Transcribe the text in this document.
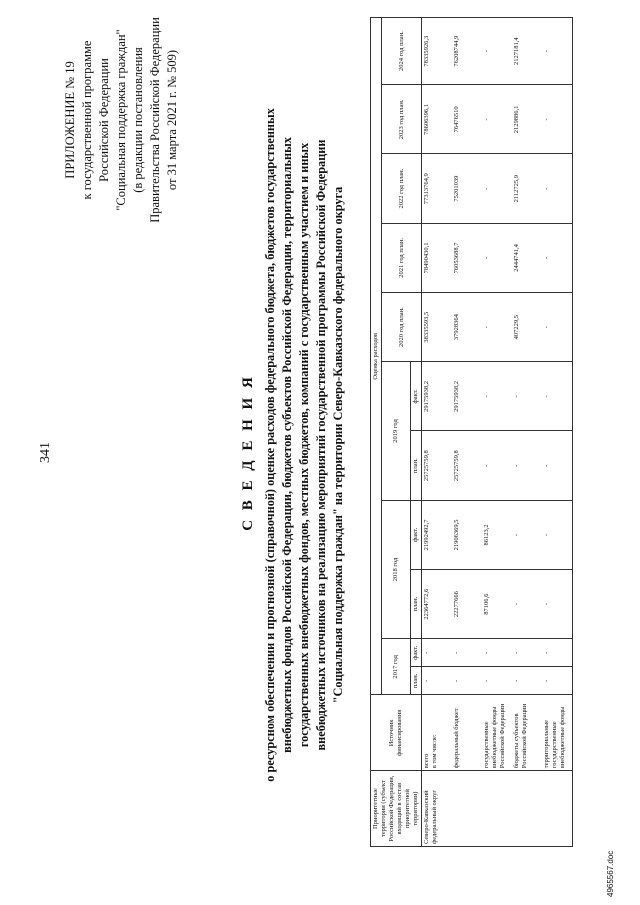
341
ПРИЛОЖЕНИЕ № 19 к государственной программе Российской Федерации "Социальная поддержка граждан" (в редакции постановления Правительства Российской Федерации от 31 марта 2021 г. № 509)
С В Е Д Е Н И Я о ресурсном обеспечении и прогнозной (справочной) оценке расходов федерального бюджета, бюджетов государственных внебюджетных фондов Российской Федерации, бюджетов субъектов Российской Федерации, территориальных государственных внебюджетных фондов, местных бюджетов, компаний с государственным участием и иных внебюджетных источников на реализацию мероприятий государственной программы Российской Федерации "Социальная поддержка граждан" на территории Северо-Кавказского федерального округа
Приоритетные территории (субъект Российской Федерации, входящий в состав приоритетной территории)	Источник финансирования	Оценка расходов										
		2017 год		2018 год		2019 год		2020 год план.	2021 год план.	2022 год план.	2023 год план.	2024 год план.
		план.	факт.	план.	факт.	план.	факт.					
Северо-Кавказский федеральный округ	всего в том числе:	-	-	22364772,6	21992492,7	25725759,8	29175938,2	38335593,5	78490430,1	77313764,9	78606396,1	78335926,3

	федеральный бюджет	-	-	22277666	21906369,5	25725759,8	29175938,2	37928364	76053688,7	75201039	76476510	76208744,9

	государственные внебюджетные фонды Российской Федерации	-	-	87106,6	86123,2	-	-	-	-	-	-	-

	бюджеты субъектов Российской Федерации	-	-	-	-	-	-	407229,5	2444741,4	2112725,9	2129886,1	2127181,4

	территориальные государственные внебюджетные фонды	-	-	-	-	-	-	-	-	-	-	-
4965567.doc
